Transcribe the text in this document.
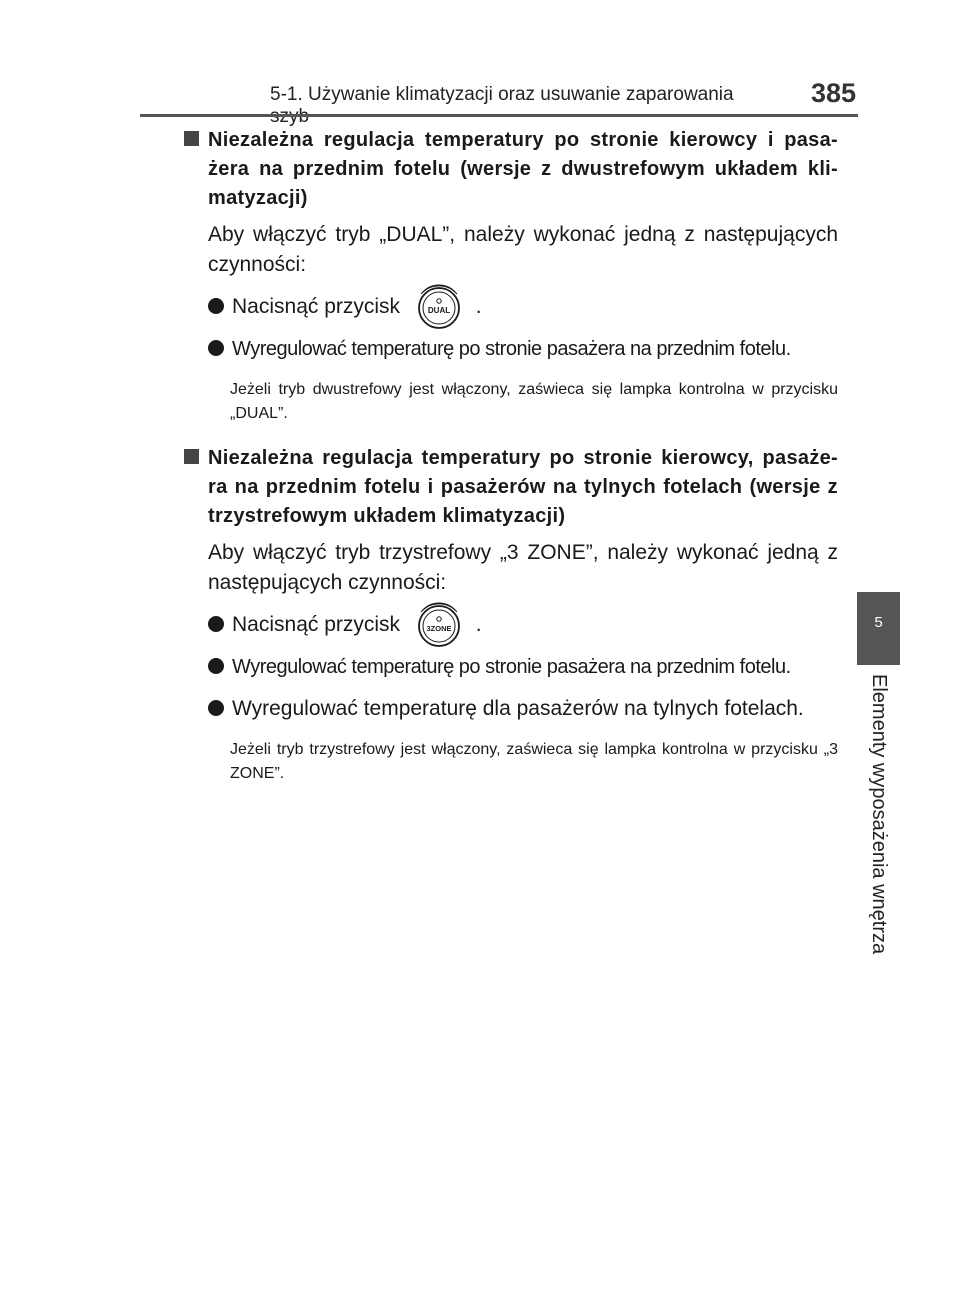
5-1. Używanie klimatyzacji oraz usuwanie zaparowania	385
5
Elementy wyposażenia wnętrza
Niezależna regulacja temperatury po stronie kierowcy i pasa-żera na przednim fotelu (wersje z dwustrefowym układem kli-matyzacji)

Aby włączyć tryb „DUAL”, należy wykonać jedną z następujących czynności:

Nacisnąć przycisk	DUAL .
Wyregulować temperaturę po stronie pasażera na przednim fotelu.

Jeżeli tryb dwustrefowy jest włączony, zaświeca się lampka kontrolna w przycisku „DUAL”.

Niezależna regulacja temperatury po stronie kierowcy, pasaże-ra na przednim fotelu i pasażerów na tylnych fotelach (wersje z trzystrefowym układem klimatyzacji)

Aby włączyć tryb trzystrefowy „3 ZONE”, należy wykonać jedną z następujących czynności:

Nacisnąć przycisk	3ZONE .
Wyregulować temperaturę po stronie pasażera na przednim fotelu.
Wyregulować temperaturę dla pasażerów na tylnych fotelach.

Jeżeli tryb trzystrefowy jest włączony, zaświeca się lampka kontrolna w przycisku „3 ZONE”.
